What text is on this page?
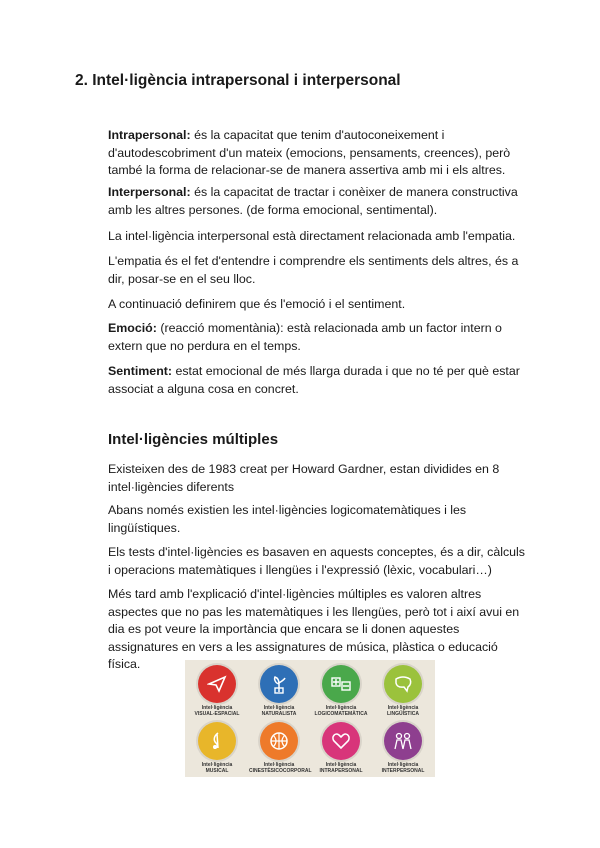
2. Intel·ligència intrapersonal i interpersonal
Intrapersonal: és la capacitat que tenim d'autoconeixement i d'autodescobriment d'un mateix (emocions, pensaments, creences), però també la forma de relacionar-se de manera assertiva amb mi i els altres.
Interpersonal: és la capacitat de tractar i conèixer de manera constructiva amb les altres persones. (de forma emocional, sentimental).
La intel·ligència interpersonal està directament relacionada amb l'empatia.
L'empatia és el fet d'entendre i comprendre els sentiments dels altres, és a dir, posar-se en el seu lloc.
A continuació definirem que és l'emoció i el sentiment.
Emoció: (reacció momentània): està relacionada amb un factor intern o extern que no perdura en el temps.
Sentiment: estat emocional de més llarga durada i que no té per què estar associat a alguna cosa en concret.
Intel·ligències múltiples
Existeixen des de 1983 creat per Howard Gardner, estan dividides en 8 intel·ligències diferents
Abans només existien les intel·ligències logicomatemàtiques i les lingüístiques.
Els tests d'intel·ligències es basaven en aquests conceptes, és a dir, càlculs i operacions matemàtiques i llengües i l'expressió (lèxic, vocabulari…)
Més tard amb l'explicació d'intel·ligències múltiples es valoren altres aspectes que no pas les matemàtiques i les llengües, però tot i així avui en dia es pot veure la importància que encara se li donen aquestes assignatures en vers a les assignatures de música, plàstica o educació física.
Intel·ligència
VISUAL-ESPACIAL
Intel·ligència
NATURALISTA
Intel·ligència
LOGICOMATEMÀTICA
Intel·ligència
LINGÜÍSTICA
Intel·ligència
MUSICAL
Intel·ligència
CINESTÈSICOCORPORAL
Intel·ligència
INTRAPERSONAL
Intel·ligència
INTERPERSONAL
